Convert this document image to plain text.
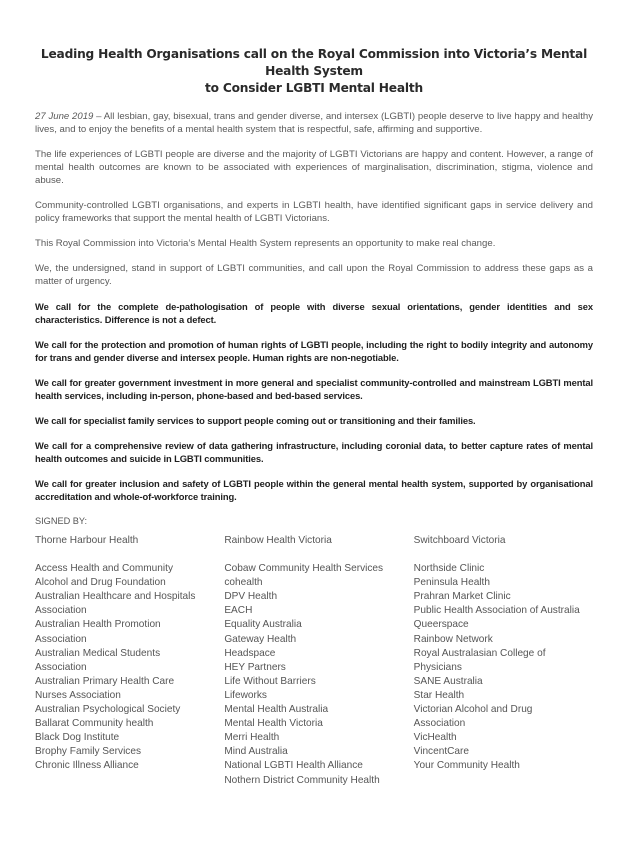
Leading Health Organisations call on the Royal Commission into Victoria’s Mental Health System
to Consider LGBTI Mental Health

27 June 2019 – All lesbian, gay, bisexual, trans and gender diverse, and intersex (LGBTI) people deserve to live happy and healthy lives, and to enjoy the benefits of a mental health system that is respectful, safe, affirming and supportive.

The life experiences of LGBTI people are diverse and the majority of LGBTI Victorians are happy and content. However, a range of mental health outcomes are known to be associated with experiences of marginalisation, discrimination, stigma, violence and abuse.

Community-controlled LGBTI organisations, and experts in LGBTI health, have identified significant gaps in service delivery and policy frameworks that support the mental health of LGBTI Victorians.

This Royal Commission into Victoria’s Mental Health System represents an opportunity to make real change.

We, the undersigned, stand in support of LGBTI communities, and call upon the Royal Commission to address these gaps as a matter of urgency.

We call for the complete de-pathologisation of people with diverse sexual orientations, gender identities and sex characteristics. Difference is not a defect.

We call for the protection and promotion of human rights of LGBTI people, including the right to bodily integrity and autonomy for trans and gender diverse and intersex people. Human rights are non-negotiable.

We call for greater government investment in more general and specialist community-controlled and mainstream LGBTI mental health services, including in-person, phone-based and bed-based services.

We call for specialist family services to support people coming out or transitioning and their families.

We call for a comprehensive review of data gathering infrastructure, including coronial data, to better capture rates of mental health outcomes and suicide in LGBTI communities.

We call for greater inclusion and safety of LGBTI people within the general mental health system, supported by organisational accreditation and whole-of-workforce training.

SIGNED BY:
Thorne Harbour Health
Access Health and Community
Alcohol and Drug Foundation
Australian Healthcare and Hospitals
Association
Australian Health Promotion
Association
Australian Medical Students
Association
Australian Primary Health Care
Nurses Association
Australian Psychological Society
Ballarat Community health
Black Dog Institute
Brophy Family Services
Chronic Illness Alliance
Rainbow Health Victoria
Cobaw Community Health Services
cohealth
DPV Health
EACH
Equality Australia
Gateway Health
Headspace
HEY Partners
Life Without Barriers
Lifeworks
Mental Health Australia
Mental Health Victoria
Merri Health
Mind Australia
National LGBTI Health Alliance
Nothern District Community Health
Switchboard Victoria
Northside Clinic
Peninsula Health
Prahran Market Clinic
Public Health Association of Australia
Queerspace
Rainbow Network
Royal Australasian College of
Physicians
SANE Australia
Star Health
Victorian Alcohol and Drug
Association
VicHealth
VincentCare
Your Community Health
